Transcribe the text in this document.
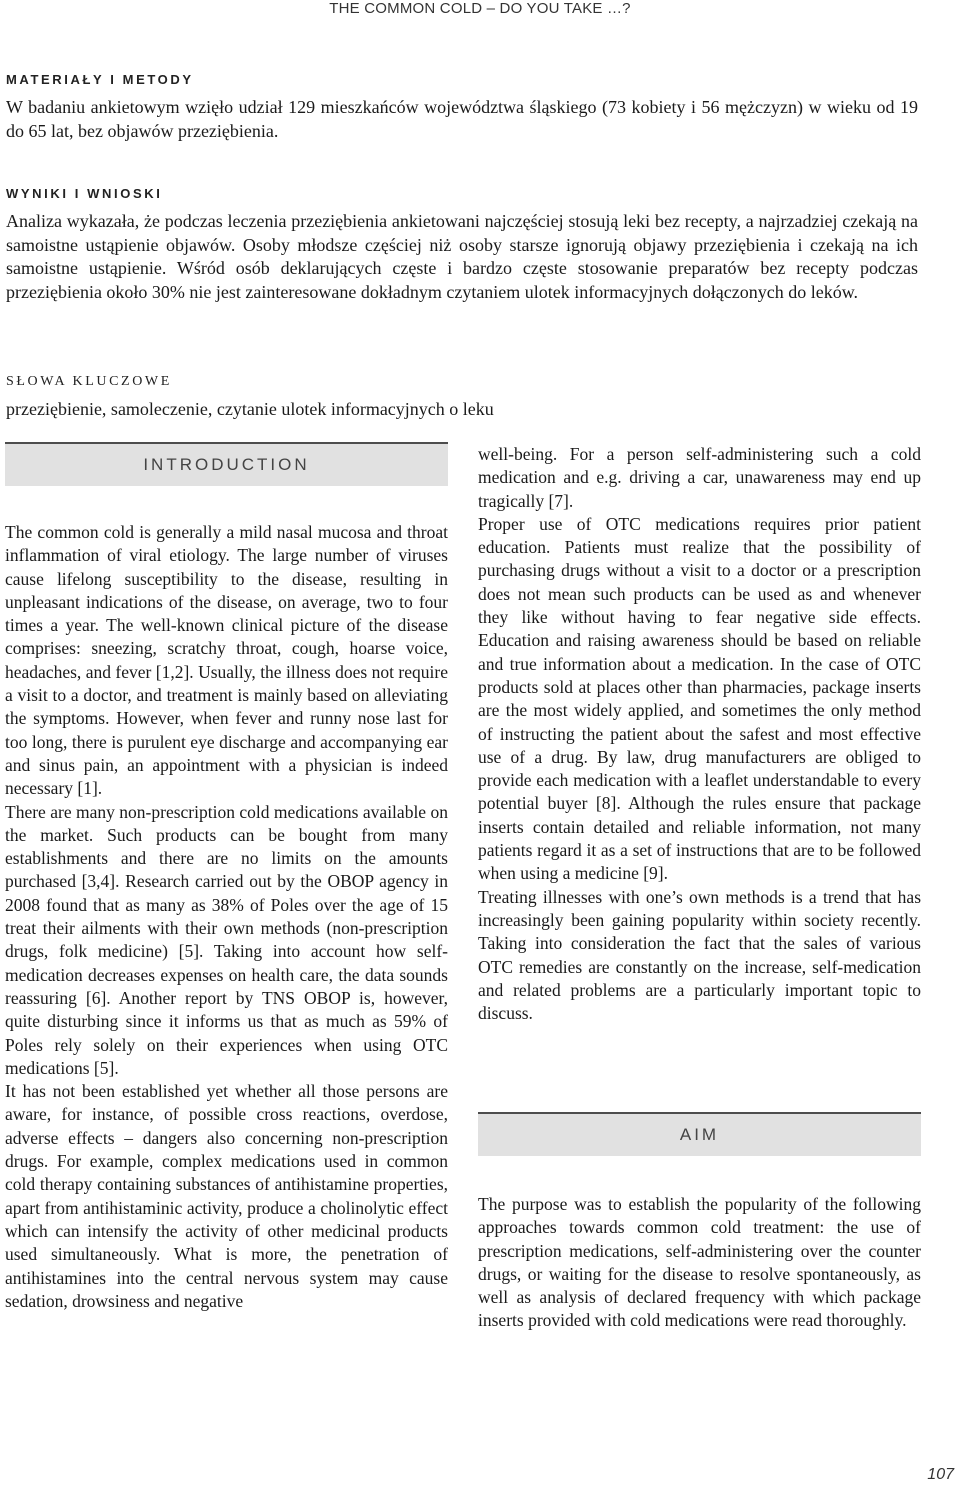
THE COMMON COLD – DO YOU TAKE …?
MATERIAŁY I METODY

W badaniu ankietowym wzięło udział 129 mieszkańców województwa śląskiego (73 kobiety i 56 mężczyzn) w wieku od 19 do 65 lat, bez objawów przeziębienia.

WYNIKI I WNIOSKI

Analiza wykazała, że podczas leczenia przeziębienia ankietowani najczęściej stosują leki bez recepty, a najrzadziej czekają na samoistne ustąpienie objawów. Osoby młodsze częściej niż osoby starsze ignorują objawy przeziębienia i czekają na ich samoistne ustąpienie. Wśród osób deklarujących częste i bardzo częste stosowanie preparatów bez recepty podczas przeziębienia około 30% nie jest zainteresowane dokładnym czytaniem ulotek informacyjnych dołączonych do leków.

SŁOWA KLUCZOWE

przeziębienie, samoleczenie, czytanie ulotek informacyjnych o leku

INTRODUCTION

The common cold is generally a mild nasal mucosa and throat inflammation of viral etiology. The large number of viruses cause lifelong susceptibility to the disease, resulting in unpleasant indications of the disease, on average, two to four times a year. The well-known clinical picture of the disease comprises: sneezing, scratchy throat, cough, hoarse voice, headaches, and fever [1,2]. Usually, the illness does not require a visit to a doctor, and treatment is mainly based on alleviating the symptoms. However, when fever and runny nose last for too long, there is purulent eye discharge and accompanying ear and sinus pain, an appointment with a physician is indeed necessary [1].

There are many non-prescription cold medications available on the market. Such products can be bought from many establishments and there are no limits on the amounts purchased [3,4]. Research carried out by the OBOP agency in 2008 found that as many as 38% of Poles over the age of 15 treat their ailments with their own methods (non-prescription drugs, folk medicine) [5]. Taking into account how self-medication decreases expenses on health care, the data sounds reassuring [6]. Another report by TNS OBOP is, however, quite disturbing since it informs us that as much as 59% of Poles rely solely on their experiences when using OTC medications [5].

It has not been established yet whether all those persons are aware, for instance, of possible cross reactions, overdose, adverse effects – dangers also concerning non-prescription drugs. For example, complex medications used in common cold therapy containing substances of antihistamine properties, apart from antihistaminic activity, produce a cholinolytic effect which can intensify the activity of other medicinal products used simultaneously. What is more, the penetration of antihistamines into the central nervous system may cause sedation, drowsiness and negative

well-being. For a person self-administering such a cold medication and e.g. driving a car, unawareness may end up tragically [7].

Proper use of OTC medications requires prior patient education. Patients must realize that the possibility of purchasing drugs without a visit to a doctor or a prescription does not mean such products can be used as and whenever they like without having to fear negative side effects. Education and raising awareness should be based on reliable and true information about a medication. In the case of OTC products sold at places other than pharmacies, package inserts are the most widely applied, and sometimes the only method of instructing the patient about the safest and most effective use of a drug. By law, drug manufacturers are obliged to provide each medication with a leaflet understandable to every potential buyer [8]. Although the rules ensure that package inserts contain detailed and reliable information, not many patients regard it as a set of instructions that are to be followed when using a medicine [9].

Treating illnesses with one’s own methods is a trend that has increasingly been gaining popularity within society recently. Taking into consideration the fact that the sales of various OTC remedies are constantly on the increase, self-medication and related problems are a particularly important topic to discuss.

AIM

The purpose was to establish the popularity of the following approaches towards common cold treatment: the use of prescription medications, self-administering over the counter drugs, or waiting for the disease to resolve spontaneously, as well as analysis of declared frequency with which package inserts provided with cold medications were read thoroughly.

107
